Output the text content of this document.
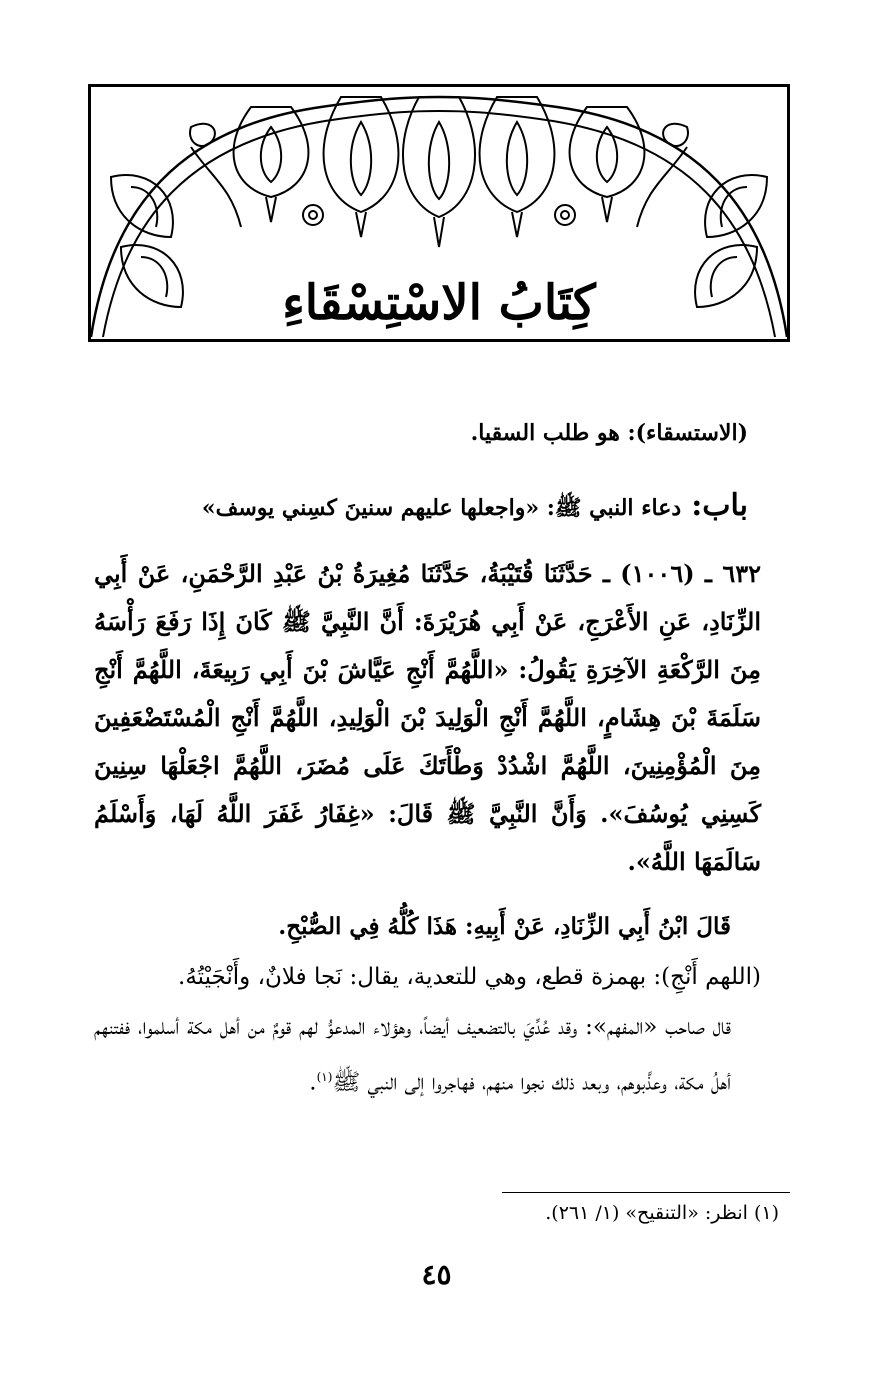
كِتَابُ الاسْتِسْقَاءِ
(الاستسقاء): هو طلب السقيا.
باب:دعاء النبي ﷺ: «واجعلها عليهم سنينَ كسِني يوسف»

٦٣٢ ـ (١٠٠٦) ـ حَدَّثَنَا قُتَيْبَةُ، حَدَّثَنَا مُغِيرَةُ بْنُ عَبْدِ الرَّحْمَنِ، عَنْ أَبِي الزِّنَادِ، عَنِ الأَعْرَجِ، عَنْ أَبِي هُرَيْرَةَ: أَنَّ النَّبِيَّ ﷺ كَانَ إِذَا رَفَعَ رَأْسَهُ مِنَ الرَّكْعَةِ الآخِرَةِ يَقُولُ: «اللَّهُمَّ أَنْجِ عَيَّاشَ بْنَ أَبِي رَبِيعَةَ، اللَّهُمَّ أَنْجِ سَلَمَةَ بْنَ هِشَامٍ، اللَّهُمَّ أَنْجِ الْوَلِيدَ بْنَ الْوَلِيدِ، اللَّهُمَّ أَنْجِ الْمُسْتَضْعَفِينَ مِنَ الْمُؤْمِنِينَ، اللَّهُمَّ اشْدُدْ وَطْأَتَكَ عَلَى مُضَرَ، اللَّهُمَّ اجْعَلْهَا سِنِينَ كَسِنِي يُوسُفَ». وَأَنَّ النَّبِيَّ ﷺ قَالَ: «غِفَارُ غَفَرَ اللَّهُ لَهَا، وَأَسْلَمُ سَالَمَهَا اللَّهُ».

قَالَ ابْنُ أَبِي الزِّنَادِ، عَنْ أَبِيهِ: هَذَا كُلُّهُ فِي الصُّبْحِ.

(اللهم أَنْجِ): بهمزة قطع، وهي للتعدية، يقال: نَجا فلانٌ، وأَنْجَيْتُهُ.

قال صاحب «المفهم»: وقد عُدِّيَ بالتضعيف أيضاً، وهؤلاء المدعوُّ لهم قومٌ من أهل مكة أسلموا، ففتنهم أهلُ مكة، وعذَّبوهم، وبعد ذلك نجوا منهم، فهاجروا إلى النبي ﷺ$^{(١)}$.

(١) انظر: «التنقيح» (١/ ٢٦١).
٤٥
